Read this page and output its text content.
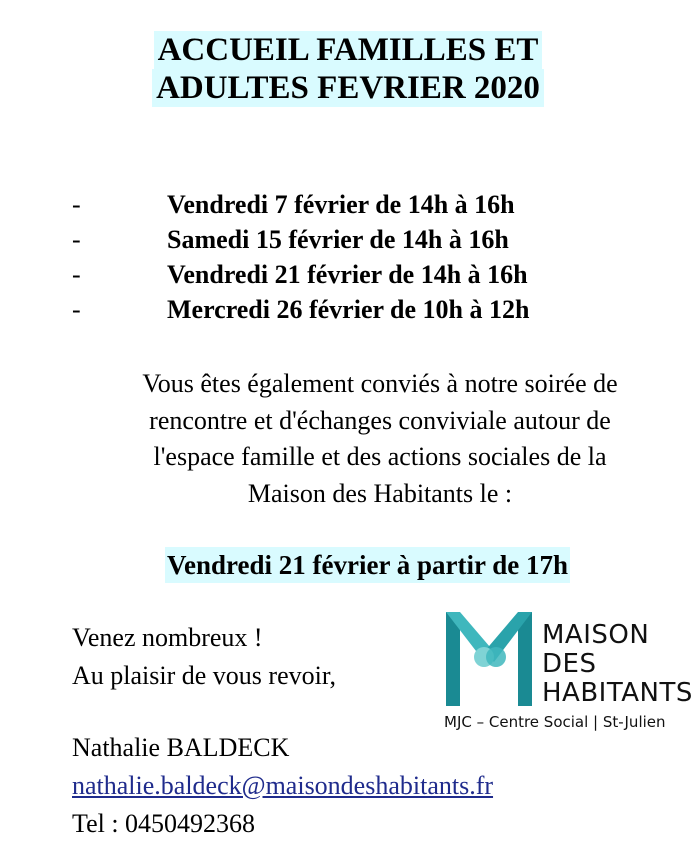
ACCUEIL FAMILLES ET
ADULTES FEVRIER 2020
-	Vendredi 7 février de 14h à 16h
-	Samedi 15 février de 14h à 16h
-	Vendredi 21 février de 14h à 16h
-	Mercredi 26 février de 10h à 12h
Vous êtes également conviés à notre soirée de
rencontre et d'échanges conviviale autour de
l'espace famille et des actions sociales de la
Maison des Habitants le :
Vendredi 21 février à partir de 17h
Venez nombreux !
Au plaisir de vous revoir,
Nathalie BALDECK
nathalie.baldeck@maisondeshabitants.fr
Tel : 0450492368
MAISON
DES
HABITANTS
MJC – Centre Social | St-Julien
